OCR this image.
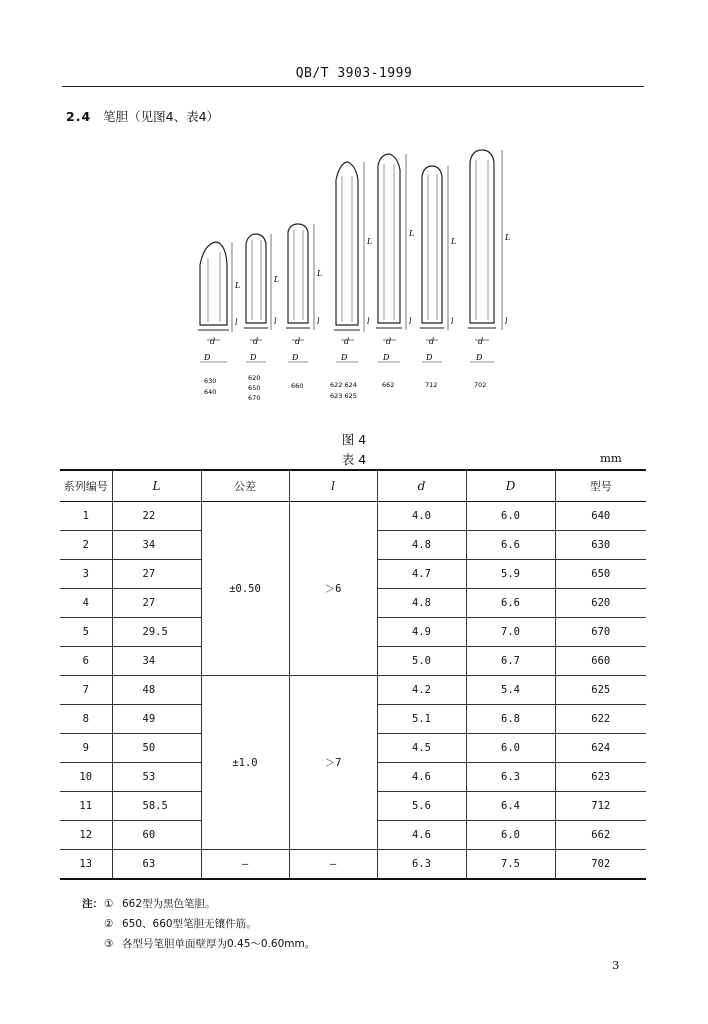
QB/T 3903-1999
2.4 笔胆（见图4、表4）
L
l
d
D
630
640
L
l
d
D
620
650
670
L
l
d
D
660
L
l
d
D
622 624
623 625
L
l
d
D
662
L
l
d
D
712
L
l
d
D
702
图 4
表 4	mm
系列编号	L	公差	l	d	D	型号
1	22	±0.50	＞6	4.0	6.0	640
2	34			4.8	6.6	630
3	27			4.7	5.9	650
4	27			4.8	6.6	620
5	29.5			4.9	7.0	670
6	34			5.0	6.7	660
7	48	±1.0	＞7	4.2	5.4	625
8	49			5.1	6.8	622
9	50			4.5	6.0	624
10	53			4.6	6.3	623
11	58.5			5.6	6.4	712
12	60			4.6	6.0	662
13	63	—	—	6.3	7.5	702
注： ① 662型为黑色笔胆。
② 650、660型笔胆无镶件筋。
③ 各型号笔胆单面壁厚为0.45～0.60mm。
3
